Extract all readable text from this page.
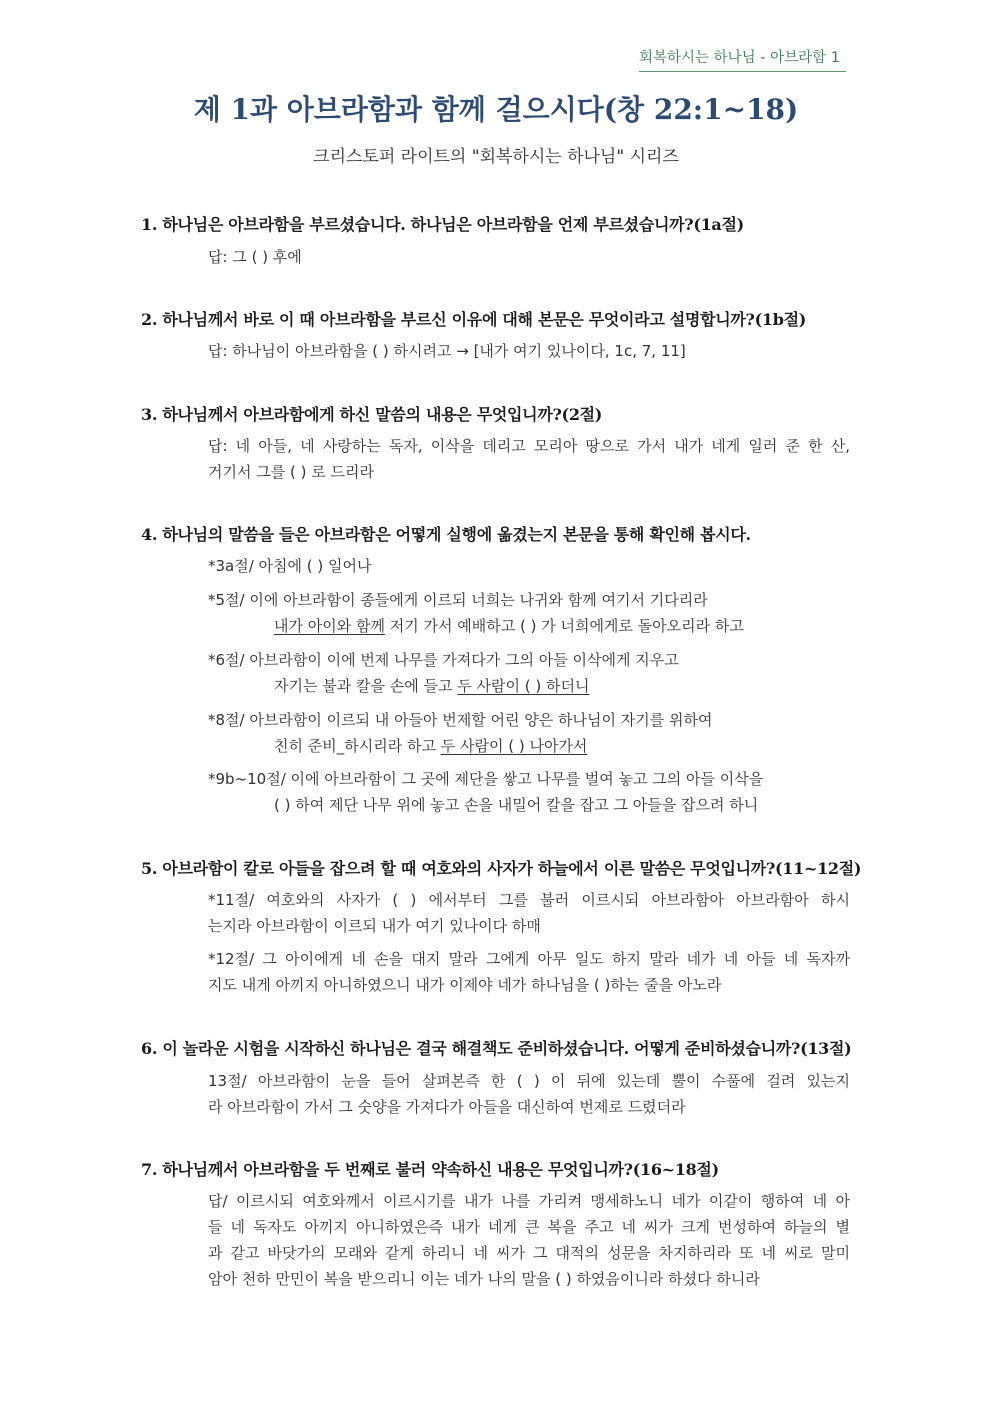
회복하시는 하나님 - 아브라함 1
제 1과 아브라함과 함께 걸으시다(창 22:1~18)
크리스토퍼 라이트의 "회복하시는 하나님" 시리즈
1. 하나님은 아브라함을 부르셨습니다. 하나님은 아브라함을 언제 부르셨습니까?(1a절)
답: 그 ( ) 후에
2. 하나님께서 바로 이 때 아브라함을 부르신 이유에 대해 본문은 무엇이라고 설명합니까?(1b절)
답: 하나님이 아브라함을 ( ) 하시려고 → [내가 여기 있나이다, 1c, 7, 11]
3. 하나님께서 아브라함에게 하신 말씀의 내용은 무엇입니까?(2절)
답: 네 아들, 네 사랑하는 독자, 이삭을 데리고 모리아 땅으로 가서 내가 네게 일러 준 한 산,
거기서 그를 ( ) 로 드리라
4. 하나님의 말씀을 들은 아브라함은 어떻게 실행에 옮겼는지 본문을 통해 확인해 봅시다.
*3a절/ 아침에 ( ) 일어나
*5절/ 이에 아브라함이 종들에게 이르되 너희는 나귀와 함께 여기서 기다리라
내가 아이와 함께 저기 가서 예배하고 ( ) 가 너희에게로 돌아오리라 하고
*6절/ 아브라함이 이에 번제 나무를 가져다가 그의 아들 이삭에게 지우고
자기는 불과 칼을 손에 들고 두 사람이 ( ) 하더니
*8절/ 아브라함이 이르되 내 아들아 번제할 어린 양은 하나님이 자기를 위하여
친히 준비_하시리라 하고 두 사람이 ( ) 나아가서
*9b~10절/ 이에 아브라함이 그 곳에 제단을 쌓고 나무를 벌여 놓고 그의 아들 이삭을
( ) 하여 제단 나무 위에 놓고 손을 내밀어 칼을 잡고 그 아들을 잡으려 하니
5. 아브라함이 칼로 아들을 잡으려 할 때 여호와의 사자가 하늘에서 이른 말씀은 무엇입니까?(11~12절)
*11절/ 여호와의 사자가 ( ) 에서부터 그를 불러 이르시되 아브라함아 아브라함아 하시
는지라 아브라함이 이르되 내가 여기 있나이다 하매
*12절/ 그 아이에게 네 손을 대지 말라 그에게 아무 일도 하지 말라 네가 네 아들 네 독자까
지도 내게 아끼지 아니하였으니 내가 이제야 네가 하나님을 ( )하는 줄을 아노라
6. 이 놀라운 시험을 시작하신 하나님은 결국 해결책도 준비하셨습니다. 어떻게 준비하셨습니까?(13절)
13절/ 아브라함이 눈을 들어 살펴본즉 한 ( ) 이 뒤에 있는데 뿔이 수풀에 걸려 있는지
라 아브라함이 가서 그 숫양을 가져다가 아들을 대신하여 번제로 드렸더라
7. 하나님께서 아브라함을 두 번째로 불러 약속하신 내용은 무엇입니까?(16~18절)
답/ 이르시되 여호와께서 이르시기를 내가 나를 가리켜 맹세하노니 네가 이같이 행하여 네 아
들 네 독자도 아끼지 아니하였은즉 내가 네게 큰 복을 주고 네 씨가 크게 번성하여 하늘의 별
과 같고 바닷가의 모래와 같게 하리니 네 씨가 그 대적의 성문을 차지하리라 또 네 씨로 말미
암아 천하 만민이 복을 받으리니 이는 네가 나의 말을 ( ) 하였음이니라 하셨다 하니라
